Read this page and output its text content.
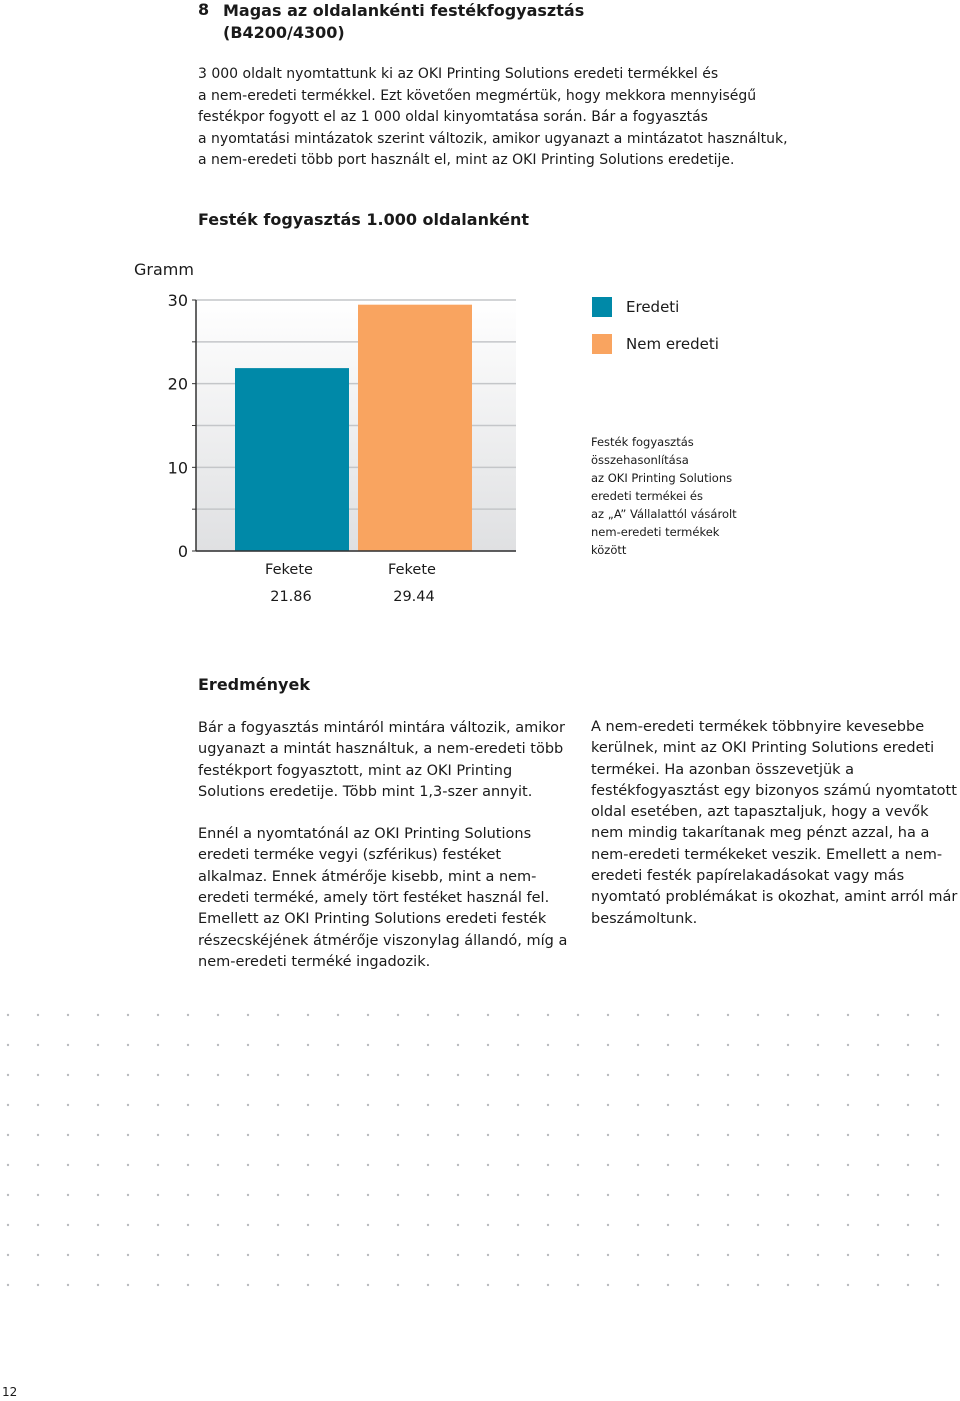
8 Magas az oldalankénti festékfogyasztás
(B4200/4300)

3 000 oldalt nyomtattunk ki az OKI Printing Solutions eredeti termékkel és

a nem-eredeti termékkel. Ezt követően megmértük, hogy mekkora mennyiségű

festékpor fogyott el az 1 000 oldal kinyomtatása során. Bár a fogyasztás

a nyomtatási mintázatok szerint változik, amikor ugyanazt a mintázatot használtuk,

a nem-eredeti több port használt el, mint az OKI Printing Solutions eredetije.

Festék fogyasztás 1.000 oldalanként
Gramm
0
10
20
30
Fekete
21.86
Fekete
29.44
Eredeti
Nem eredeti
Festék fogyasztás
összehasonlítása
az OKI Printing Solutions
eredeti termékei és
az „A” Vállalattól vásárolt
nem-eredeti termékek
között
Eredmények

Bár a fogyasztás mintáról mintára változik, amikor ugyanazt a mintát használtuk, a nem-eredeti több festékport fogyasztott, mint az OKI Printing Solutions eredetije. Több mint 1,3-szer annyit.

Ennél a nyomtatónál az OKI Printing Solutions eredeti terméke vegyi (szférikus) festéket alkalmaz. Ennek átmérője kisebb, mint a nem-eredeti terméké, amely tört festéket használ fel. Emellett az OKI Printing Solutions eredeti festék részecskéjének átmérője viszonylag állandó, míg a nem-eredeti terméké ingadozik.

A nem-eredeti termékek többnyire kevesebbe kerülnek, mint az OKI Printing Solutions eredeti termékei. Ha azonban összevetjük a festékfogyasztást egy bizonyos számú nyomtatott oldal esetében, azt tapasztaljuk, hogy a vevők nem mindig takarítanak meg pénzt azzal, ha a nem-eredeti termékeket veszik. Emellett a nem-eredeti festék papírelakadásokat vagy más nyomtató problémákat is okozhat, amint arról már beszámoltunk.

12
